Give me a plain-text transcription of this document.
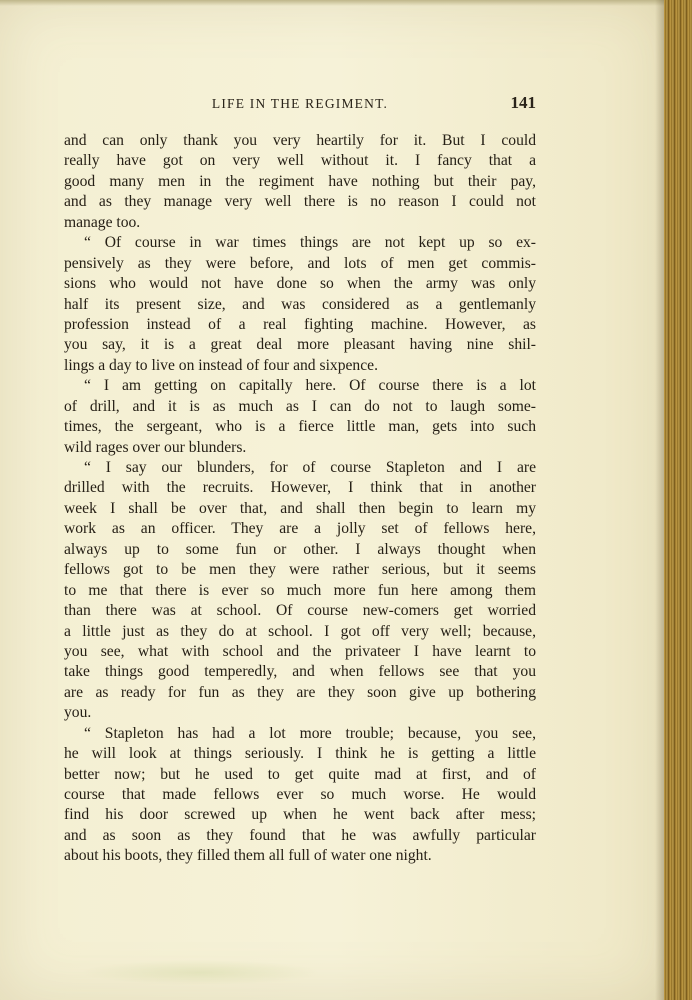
LIFE IN THE REGIMENT.	141
and can only thank you very heartily for it. But I could
really have got on very well without it. I fancy that a
good many men in the regiment have nothing but their pay,
and as they manage very well there is no reason I could not
manage too.
“ Of course in war times things are not kept up so ex-
pensively as they were before, and lots of men get commis-
sions who would not have done so when the army was only
half its present size, and was considered as a gentlemanly
profession instead of a real fighting machine. However, as
you say, it is a great deal more pleasant having nine shil-
lings a day to live on instead of four and sixpence.
“ I am getting on capitally here. Of course there is a lot
of drill, and it is as much as I can do not to laugh some-
times, the sergeant, who is a fierce little man, gets into such
wild rages over our blunders.
“ I say our blunders, for of course Stapleton and I are
drilled with the recruits. However, I think that in another
week I shall be over that, and shall then begin to learn my
work as an officer. They are a jolly set of fellows here,
always up to some fun or other. I always thought when
fellows got to be men they were rather serious, but it seems
to me that there is ever so much more fun here among them
than there was at school. Of course new-comers get worried
a little just as they do at school. I got off very well; because,
you see, what with school and the privateer I have learnt to
take things good temperedly, and when fellows see that you
are as ready for fun as they are they soon give up bothering
you.
“ Stapleton has had a lot more trouble; because, you see,
he will look at things seriously. I think he is getting a little
better now; but he used to get quite mad at first, and of
course that made fellows ever so much worse. He would
find his door screwed up when he went back after mess;
and as soon as they found that he was awfully particular
about his boots, they filled them all full of water one night.
